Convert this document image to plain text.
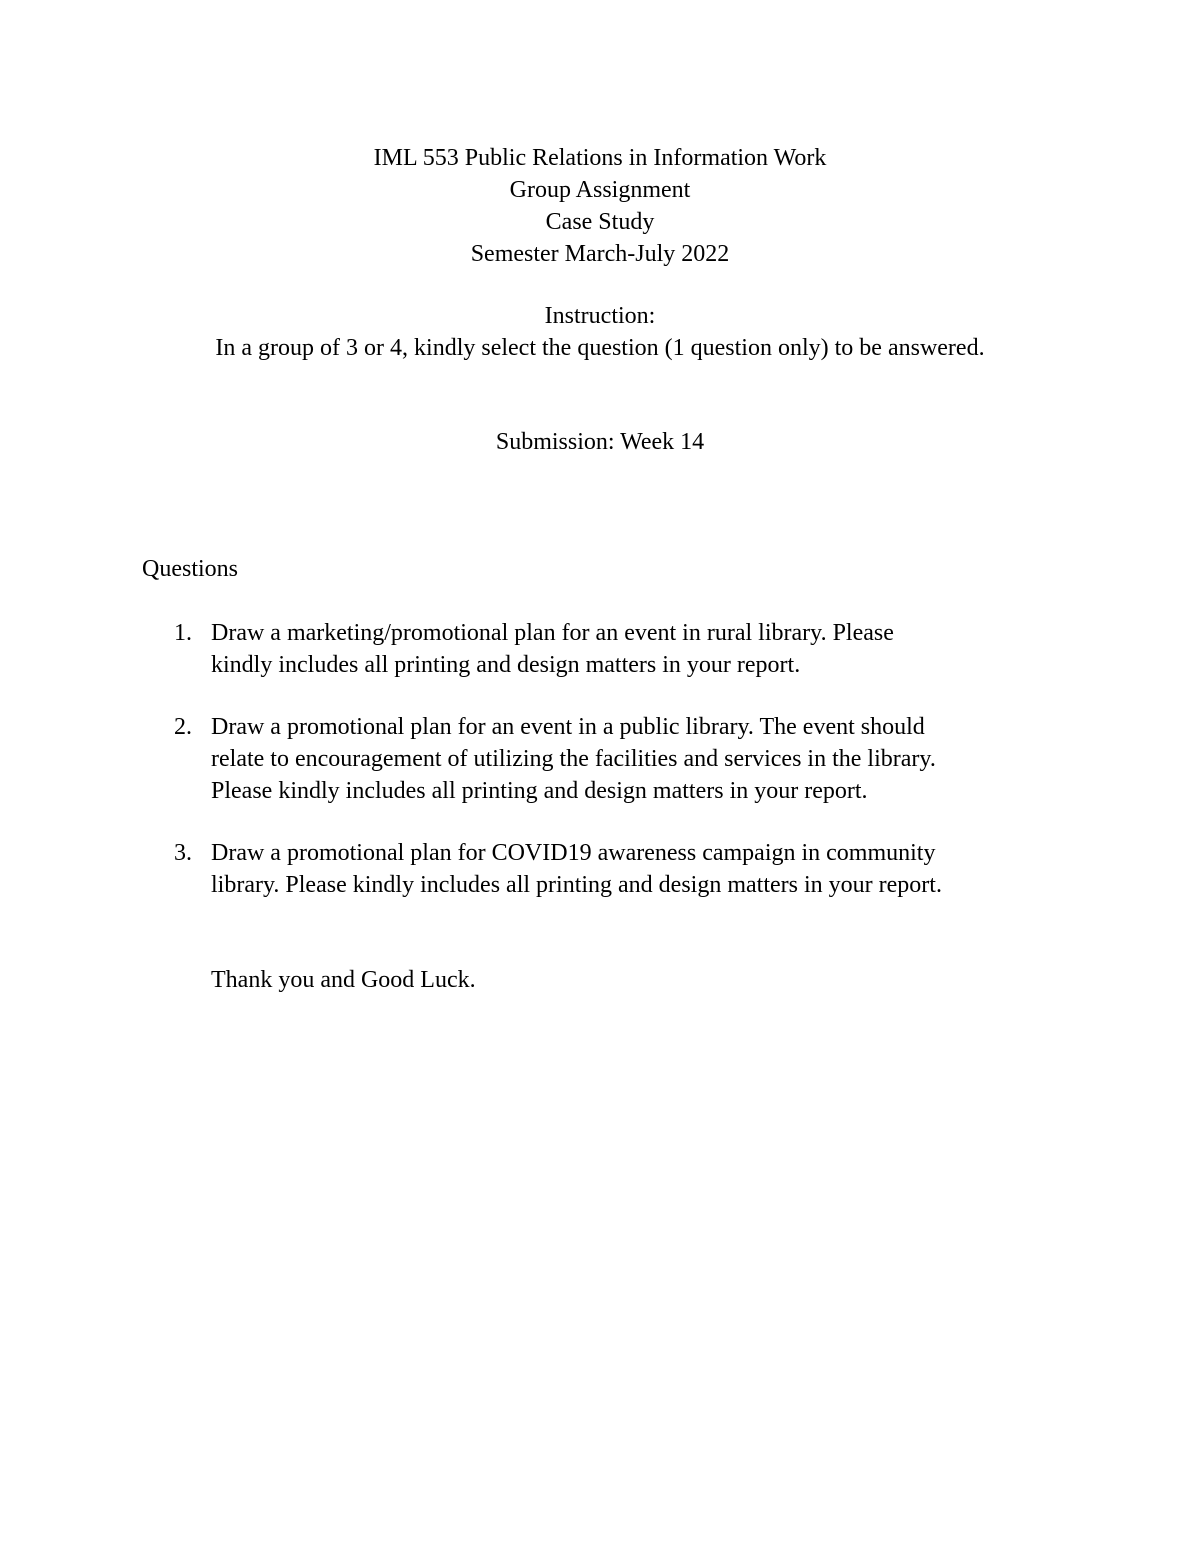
IML 553 Public Relations in Information Work
Group Assignment
Case Study
Semester March-July 2022
Instruction:
In a group of 3 or 4, kindly select the question (1 question only) to be answered.
Submission: Week 14
Questions
1. Draw a marketing/promotional plan for an event in rural library. Please
kindly includes all printing and design matters in your report.
2. Draw a promotional plan for an event in a public library. The event should
relate to encouragement of utilizing the facilities and services in the library.
Please kindly includes all printing and design matters in your report.
3. Draw a promotional plan for COVID19 awareness campaign in community
library. Please kindly includes all printing and design matters in your report.
Thank you and Good Luck.
